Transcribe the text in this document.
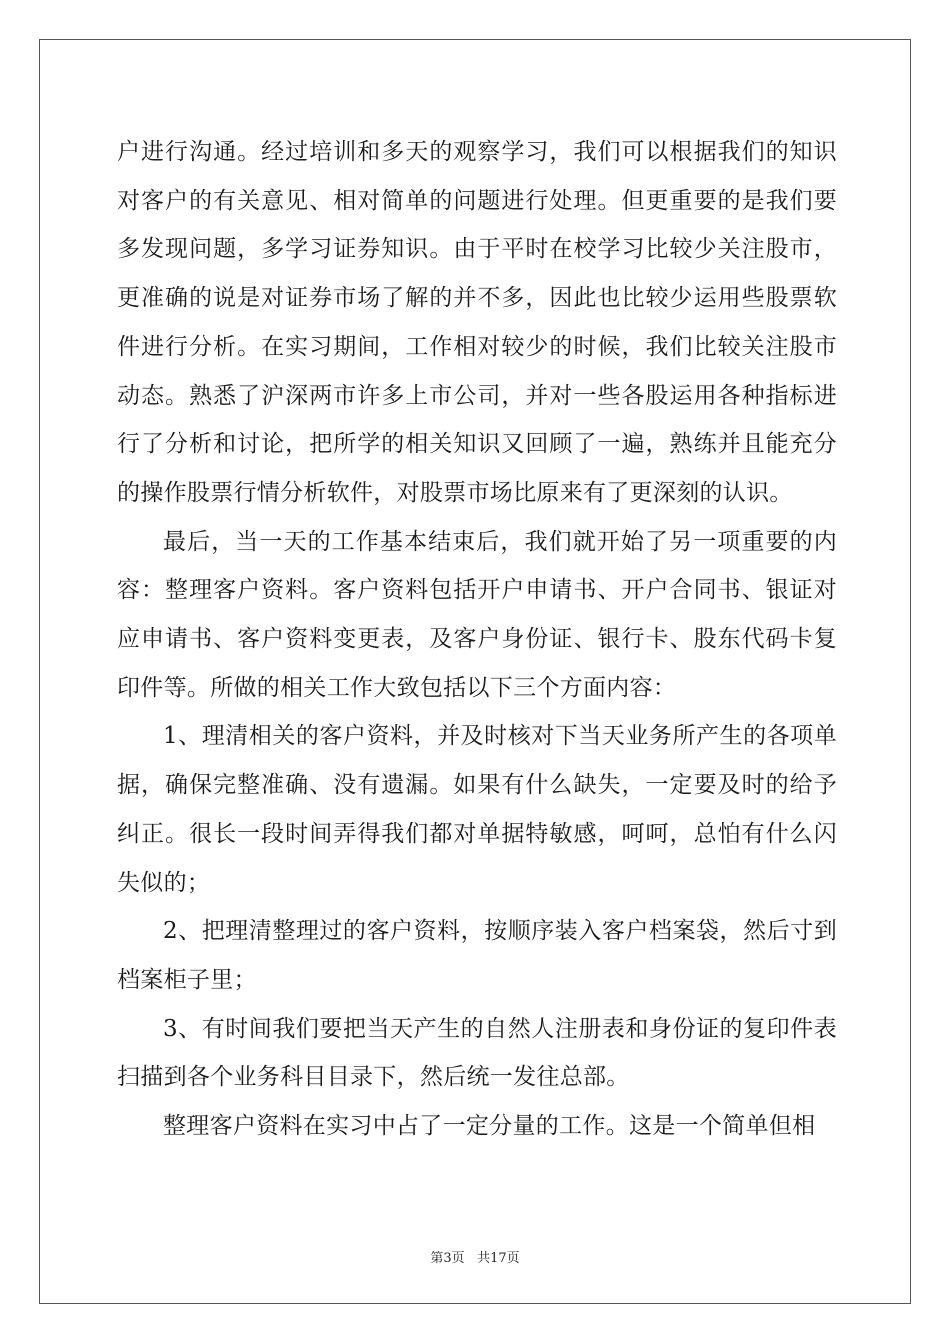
户进行沟通。经过培训和多天的观察学习，我们可以根据我们的知识对客户的有关意见、相对简单的问题进行处理。但更重要的是我们要多发现问题，多学习证券知识。由于平时在校学习比较少关注股市，更准确的说是对证券市场了解的并不多，因此也比较少运用些股票软件进行分析。在实习期间，工作相对较少的时候，我们比较关注股市动态。熟悉了沪深两市许多上市公司，并对一些各股运用各种指标进行了分析和讨论，把所学的相关知识又回顾了一遍，熟练并且能充分的操作股票行情分析软件，对股票市场比原来有了更深刻的认识。

最后，当一天的工作基本结束后，我们就开始了另一项重要的内容：整理客户资料。客户资料包括开户申请书、开户合同书、银证对应申请书、客户资料变更表，及客户身份证、银行卡、股东代码卡复印件等。所做的相关工作大致包括以下三个方面内容：

1、理清相关的客户资料，并及时核对下当天业务所产生的各项单据，确保完整准确、没有遗漏。如果有什么缺失，一定要及时的给予纠正。很长一段时间弄得我们都对单据特敏感，呵呵，总怕有什么闪失似的；

2、把理清整理过的客户资料，按顺序装入客户档案袋，然后寸到档案柜子里；

3、有时间我们要把当天产生的自然人注册表和身份证的复印件表扫描到各个业务科目目录下，然后统一发往总部。

整理客户资料在实习中占了一定分量的工作。这是一个简单但相

第3页 共17页
